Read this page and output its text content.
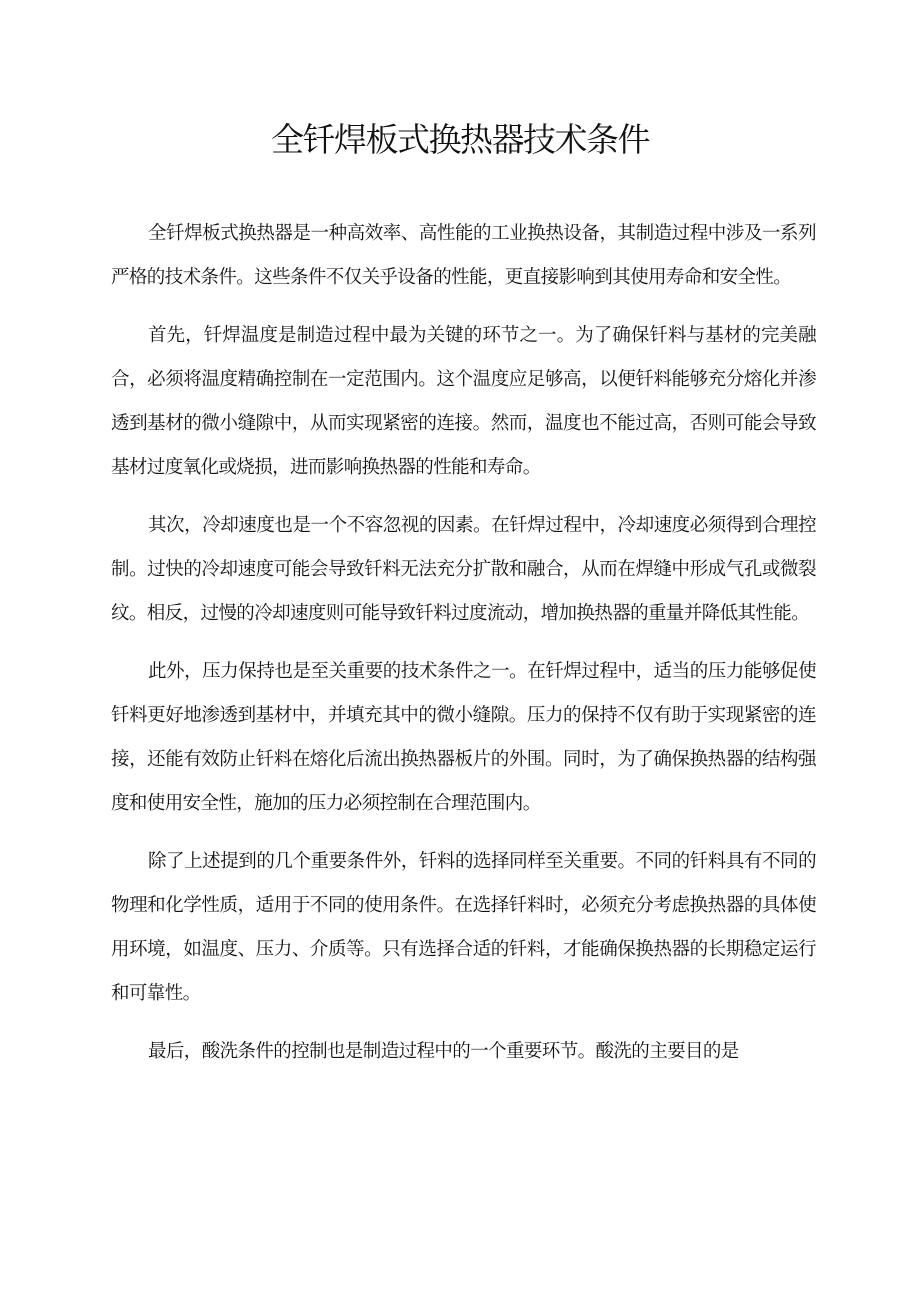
全钎焊板式换热器技术条件

全钎焊板式换热器是一种高效率、高性能的工业换热设备，其制造过程中涉及一系列严格的技术条件。这些条件不仅关乎设备的性能，更直接影响到其使用寿命和安全性。

首先，钎焊温度是制造过程中最为关键的环节之一。为了确保钎料与基材的完美融合，必须将温度精确控制在一定范围内。这个温度应足够高，以便钎料能够充分熔化并渗透到基材的微小缝隙中，从而实现紧密的连接。然而，温度也不能过高，否则可能会导致基材过度氧化或烧损，进而影响换热器的性能和寿命。

其次，冷却速度也是一个不容忽视的因素。在钎焊过程中，冷却速度必须得到合理控制。过快的冷却速度可能会导致钎料无法充分扩散和融合，从而在焊缝中形成气孔或微裂纹。相反，过慢的冷却速度则可能导致钎料过度流动，增加换热器的重量并降低其性能。

此外，压力保持也是至关重要的技术条件之一。在钎焊过程中，适当的压力能够促使钎料更好地渗透到基材中，并填充其中的微小缝隙。压力的保持不仅有助于实现紧密的连接，还能有效防止钎料在熔化后流出换热器板片的外围。同时，为了确保换热器的结构强度和使用安全性，施加的压力必须控制在合理范围内。

除了上述提到的几个重要条件外，钎料的选择同样至关重要。不同的钎料具有不同的物理和化学性质，适用于不同的使用条件。在选择钎料时，必须充分考虑换热器的具体使用环境，如温度、压力、介质等。只有选择合适的钎料，才能确保换热器的长期稳定运行和可靠性。

最后，酸洗条件的控制也是制造过程中的一个重要环节。酸洗的主要目的是
